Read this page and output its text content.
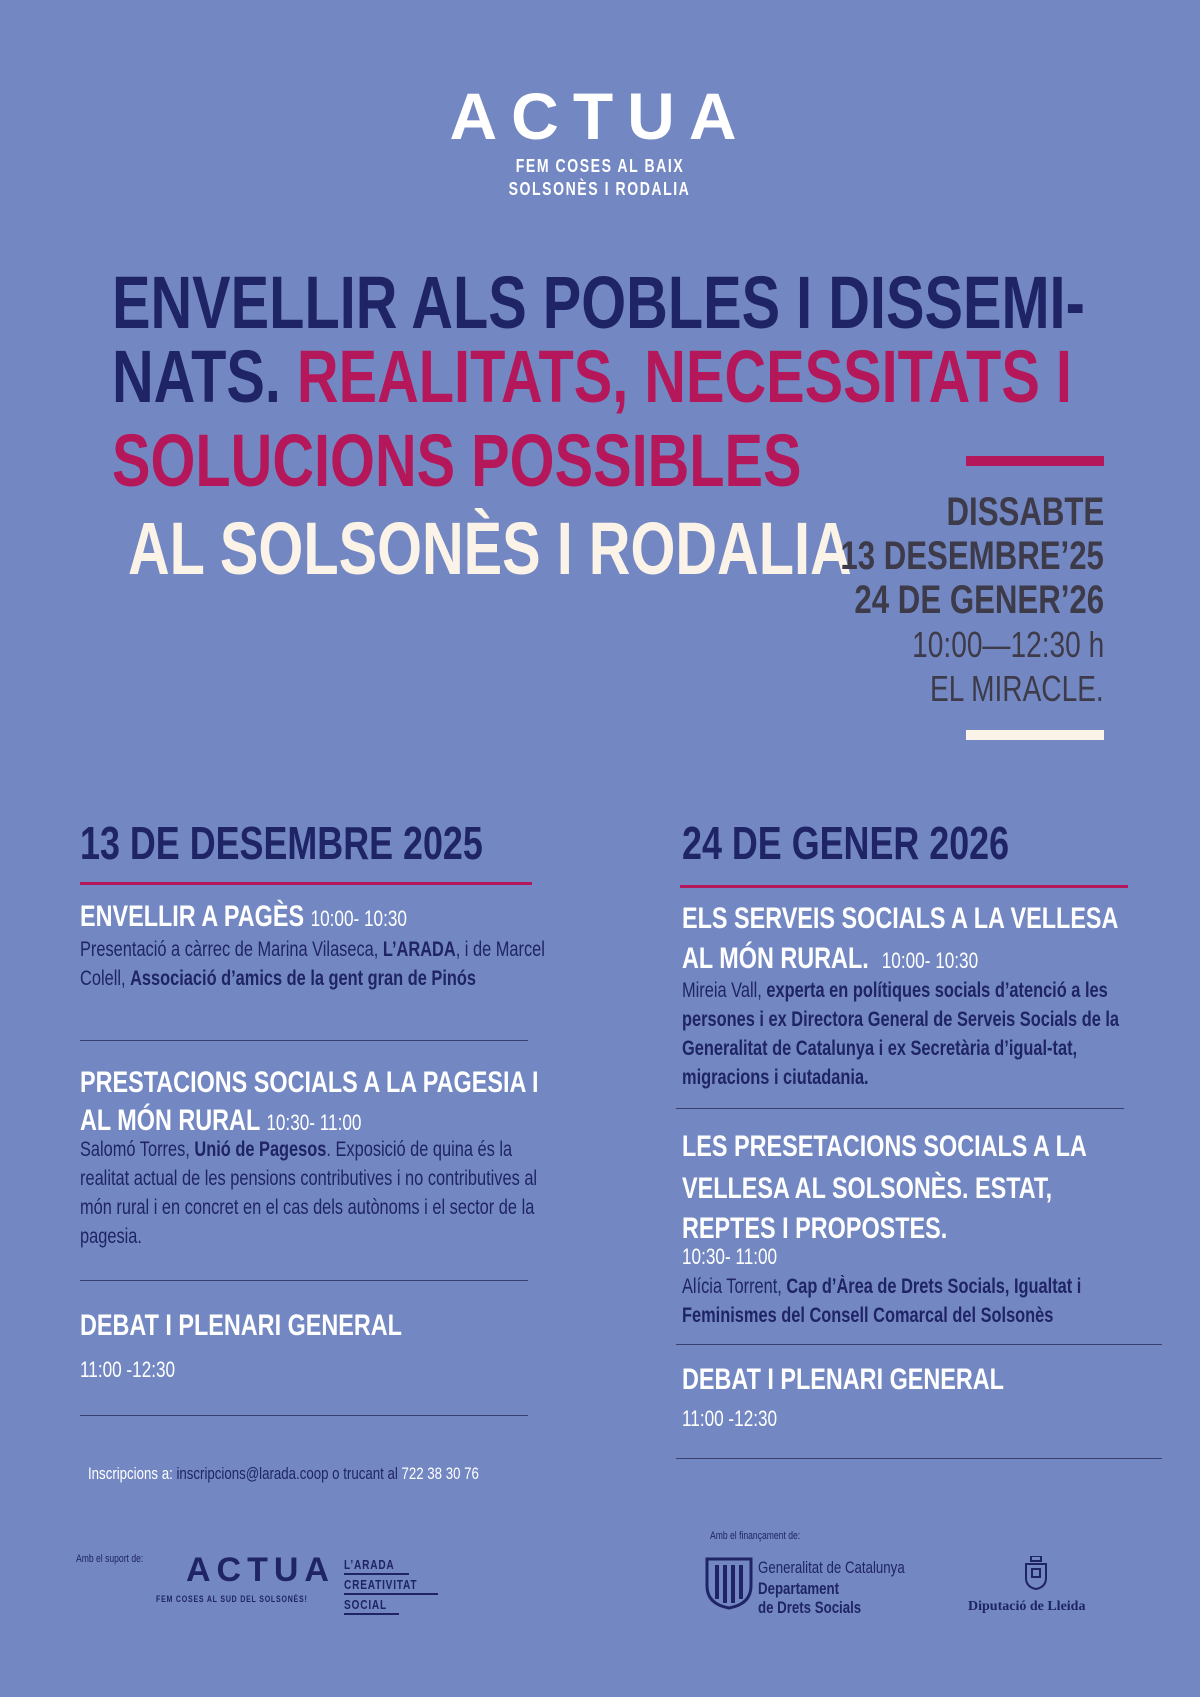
ACTUA
FEM COSES AL BAIX
SOLSONÈS I RODALIA
ENVELLIR ALS POBLES I DISSEMI-
NATS. REALITATS, NECESSITATS I
SOLUCIONS POSSIBLES
AL SOLSONÈS I RODALIA	DISSABTE
13 DESEMBRE’25
24 DE GENER’26
10:00—12:30 h
EL MIRACLE.
13 DE DESEMBRE 2025
ENVELLIR A PAGÈS 10:00- 10:30
Presentació a càrrec de Marina Vilaseca, L’ARADA, i de Marcel Colell, Associació d’amics de la gent gran de Pinós
PRESTACIONS SOCIALS A LA PAGESIA I
AL MÓN RURAL 10:30- 11:00
Salomó Torres, Unió de Pagesos. Exposició de quina és la realitat actual de les pensions contributives i no contributives al món rural i en concret en el cas dels autònoms i el sector de la pagesia.
DEBAT I PLENARI GENERAL
11:00 -12:30
24 DE GENER 2026
ELS SERVEIS SOCIALS A LA VELLESA
AL MÓN RURAL. 10:00- 10:30
Mireia Vall, experta en polítiques socials d’atenció a les persones i ex Directora General de Serveis Socials de la Generalitat de Catalunya i ex Secretària d’igual-tat, migracions i ciutadania.
LES PRESETACIONS SOCIALS A LA
VELLESA AL SOLSONÈS. ESTAT,
REPTES I PROPOSTES.
10:30- 11:00
Alícia Torrent, Cap d’Àrea de Drets Socials, Igualtat i Feminismes del Consell Comarcal del Solsonès
DEBAT I PLENARI GENERAL
11:00 -12:30
Inscripcions a: inscripcions@larada.coop o trucant al 722 38 30 76
Amb el suport de:	ACTUA
FEM COSES AL SUD DEL SOLSONÈS!
L’ARADA
CREATIVITAT
SOCIAL
Amb el finançament de:
Generalitat de Catalunya
Departament
de Drets Socials	Diputació de Lleida
